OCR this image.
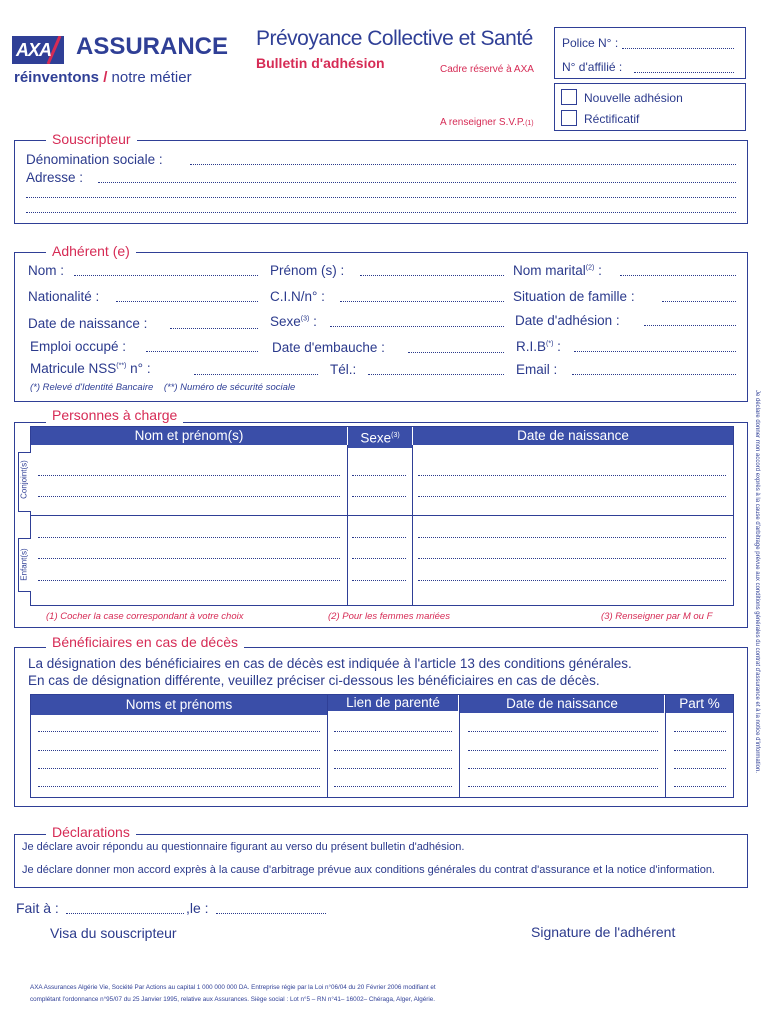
AXA ASSURANCE
réinventons / notre métier
Prévoyance Collective et Santé
Bulletin d'adhésion	Cadre réservé à AXA
A renseigner S.V.P.(1)
Police N° :
N° d'affilié :
Nouvelle adhésion
Réctificatif
Souscripteur
Dénomination sociale :
Adresse :
Adhérent (e)
Nom :	Prénom (s) :	Nom marital$^{(2)}$ :
Nationalité :	C.I.N/n° :	Situation de famille :
Date de naissance :	Sexe$^{(3)}$ :	Date d'adhésion :
Emploi occupé :	Date d'embauche :	R.I.B(*) :
Matricule NSS(**) n° :	Tél.:	Email :
(*) Relevé d'Identité Bancaire    (**) Numéro de sécurité sociale
Personnes à charge
Nom et prénom(s)	Sexe$^{(3)}$	Date de naissance
Conjoint(s)
Enfant(s)
(1) Cocher la case correspondant à votre choix	(2) Pour les femmes mariées	(3) Renseigner par M ou F
Bénéficiaires en cas de décès
La désignation des bénéficiaires en cas de décès est indiquée à l'article 13 des conditions générales.
En cas de désignation différente, veuillez préciser ci-dessous les bénéficiaires en cas de décès.
Noms et prénoms	Lien de parenté	Date de naissance	Part %
Déclarations
Je déclare avoir répondu au questionnaire figurant au verso du présent bulletin d'adhésion.
Je déclare donner mon accord exprès à la cause d'arbitrage prévue aux conditions générales du contrat d'assurance et la notice d'information.
Fait à :	,le :
Visa du souscripteur	Signature de l'adhérent
Je déclare donner mon accord exprès à la cause d'arbitrage prévue aux conditions générales du contrat d'assurance et à la notice d'information.
AXA Assurances Algérie Vie, Société Par Actions au capital 1 000 000 000 DA. Entreprise régie par la Loi n°06/04 du 20 Février 2006 modifiant et
complétant l'ordonnance n°95/07 du 25 Janvier 1995, relative aux Assurances. Siège social : Lot n°5 – RN n°41– 16002– Chéraga, Alger, Algérie.
